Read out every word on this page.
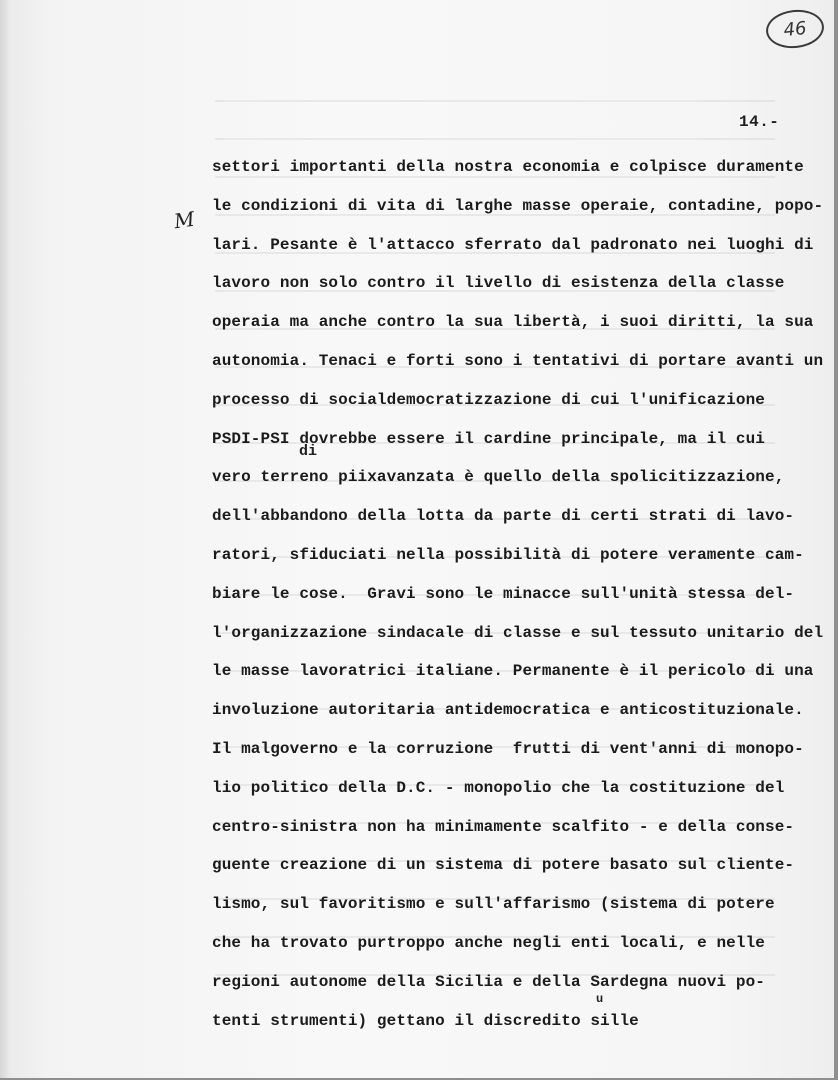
46
14.-
M
di
u
settori importanti della nostra economia e colpisce duramente
le condizioni di vita di larghe masse operaie, contadine, popo-
lari. Pesante è l'attacco sferrato dal padronato nei luoghi di
lavoro non solo contro il livello di esistenza della classe
operaia ma anche contro la sua libertà, i suoi diritti, la sua
autonomia. Tenaci e forti sono i tentativi di portare avanti un
processo di socialdemocratizzazione di cui l'unificazione
PSDI-PSI dovrebbe essere il cardine principale, ma il cui
vero terreno piixavanzata è quello della spolicitizzazione,
dell'abbandono della lotta da parte di certi strati di lavo-
ratori, sfiduciati nella possibilità di potere veramente cam-
biare le cose.  Gravi sono le minacce sull'unità stessa del-
l'organizzazione sindacale di classe e sul tessuto unitario del
le masse lavoratrici italiane. Permanente è il pericolo di una
involuzione autoritaria antidemocratica e anticostituzionale.
Il malgoverno e la corruzione  frutti di vent'anni di monopo-
lio politico della D.C. - monopolio che la costituzione del
centro-sinistra non ha minimamente scalfito - e della conse-
guente creazione di un sistema di potere basato sul cliente-
lismo, sul favoritismo e sull'affarismo (sistema di potere
che ha trovato purtroppo anche negli enti locali, e nelle
regioni autonome della Sicilia e della Sardegna nuovi po-
tenti strumenti) gettano il discredito sille
